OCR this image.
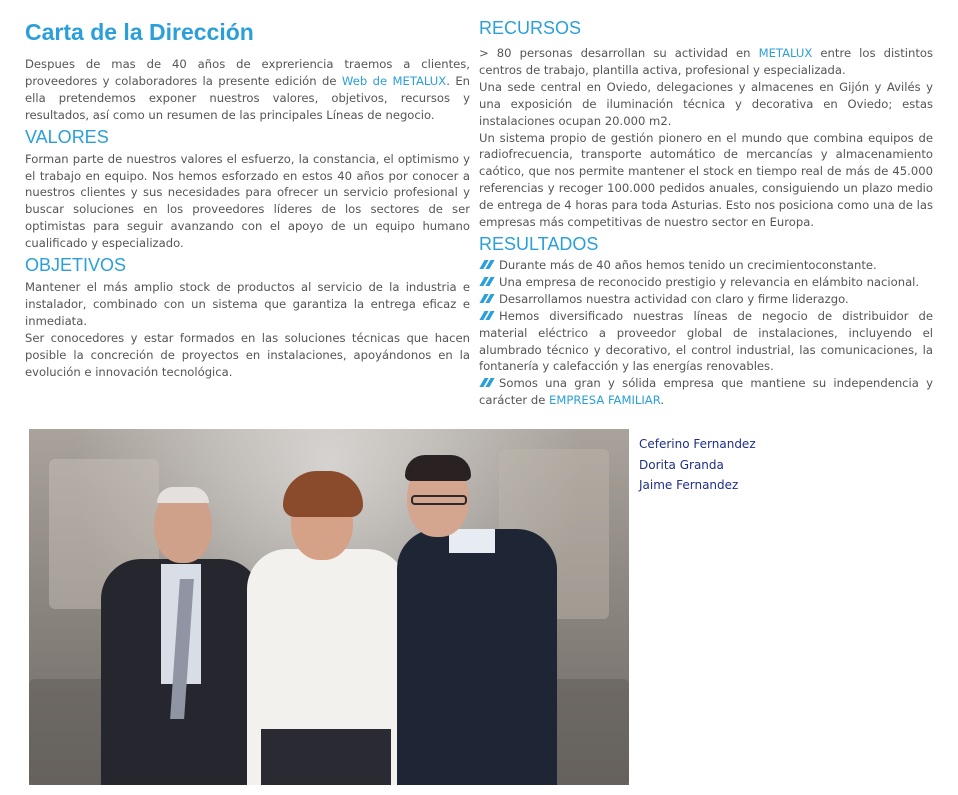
Carta de la Dirección

Despues de mas de 40 años de expreriencia traemos a clientes, proveedores y colaboradores la presente edición de Web de METALUX. En ella pretendemos exponer nuestros valores, objetivos, recursos y resultados, así como un resumen de las principales Líneas de negocio.

VALORES

Forman parte de nuestros valores el esfuerzo, la constancia, el optimismo y el trabajo en equipo. Nos hemos esforzado en estos 40 años por conocer a nuestros clientes y sus necesidades para ofrecer un servicio profesional y buscar soluciones en los proveedores líderes de los sectores de ser optimistas para seguir avanzando con el apoyo de un equipo humano cualificado y especializado.

OBJETIVOS

Mantener el más amplio stock de productos al servicio de la industria e instalador, combinado con un sistema que garantiza la entrega eficaz e inmediata.

Ser conocedores y estar formados en las soluciones técnicas que hacen posible la concreción de proyectos en instalaciones, apoyándonos en la evolución e innovación tecnológica.

RECURSOS

> 80 personas desarrollan su actividad en METALUX entre los distintos centros de trabajo, plantilla activa, profesional y especializada.

Una sede central en Oviedo, delegaciones y almacenes en Gijón y Avilés y una exposición de iluminación técnica y decorativa en Oviedo; estas instalaciones ocupan 20.000 m2.

Un sistema propio de gestión pionero en el mundo que combina equipos de radiofrecuencia, transporte automático de mercancías y almacenamiento caótico, que nos permite mantener el stock en tiempo real de más de 45.000 referencias y recoger 100.000 pedidos anuales, consiguiendo un plazo medio de entrega de 4 horas para toda Asturias. Esto nos posiciona como una de las empresas más competitivas de nuestro sector en Europa.

RESULTADOS

Durante más de 40 años hemos tenido un crecimientoconstante.

Una empresa de reconocido prestigio y relevancia en elámbito nacional.

Desarrollamos nuestra actividad con claro y firme liderazgo.

Hemos diversificado nuestras líneas de negocio de distribuidor de material eléctrico a proveedor global de instalaciones, incluyendo el alumbrado técnico y decorativo, el control industrial, las comunicaciones, la fontanería y calefacción y las energías renovables.

Somos una gran y sólida empresa que mantiene su independencia y carácter de EMPRESA FAMILIAR.

Ceferino Fernandez
Dorita Granda
Jaime Fernandez
